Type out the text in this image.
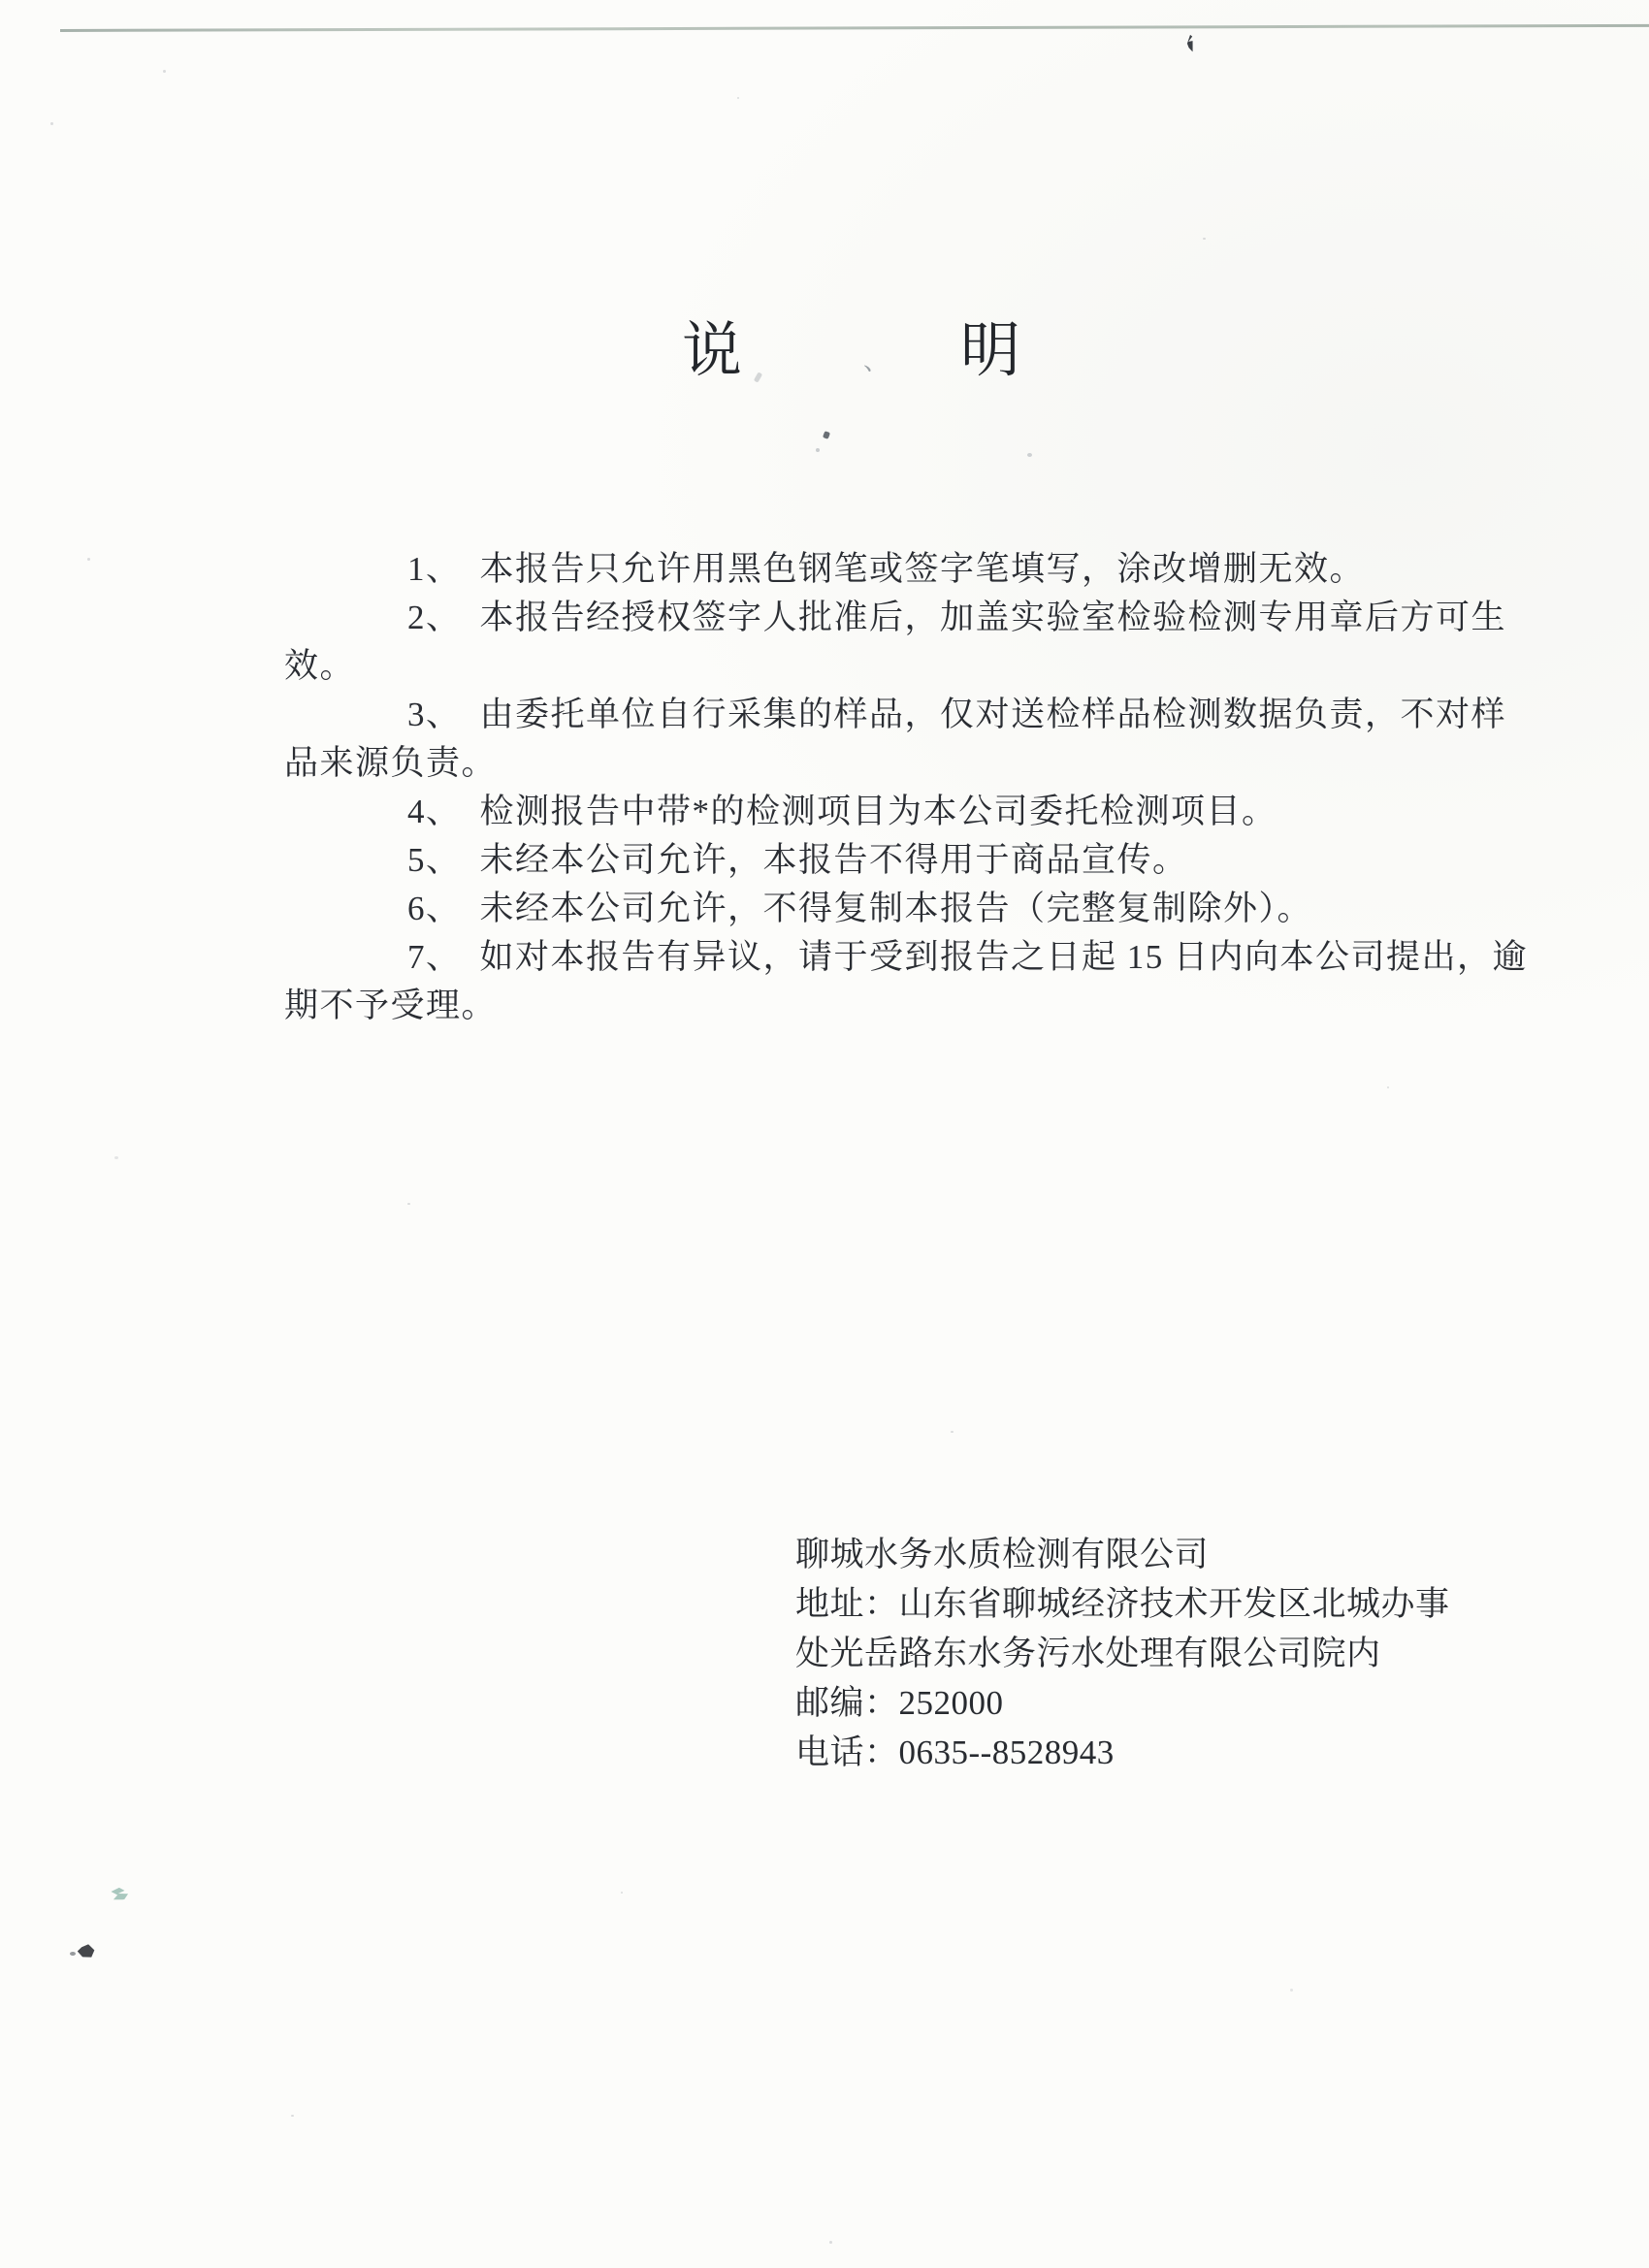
说	明
1、　本报告只允许用黑色钢笔或签字笔填写，涂改增删无效。
2、　本报告经授权签字人批准后，加盖实验室检验检测专用章后方可生
效。
3、　由委托单位自行采集的样品，仅对送检样品检测数据负责，不对样
品来源负责。
4、　检测报告中带*的检测项目为本公司委托检测项目。
5、　未经本公司允许，本报告不得用于商品宣传。
6、　未经本公司允许，不得复制本报告（完整复制除外）。
7、　如对本报告有异议，请于受到报告之日起 15 日内向本公司提出，逾
期不予受理。
聊城水务水质检测有限公司
地址：山东省聊城经济技术开发区北城办事
处光岳路东水务污水处理有限公司院内
邮编：252000
电话：0635--8528943
、
